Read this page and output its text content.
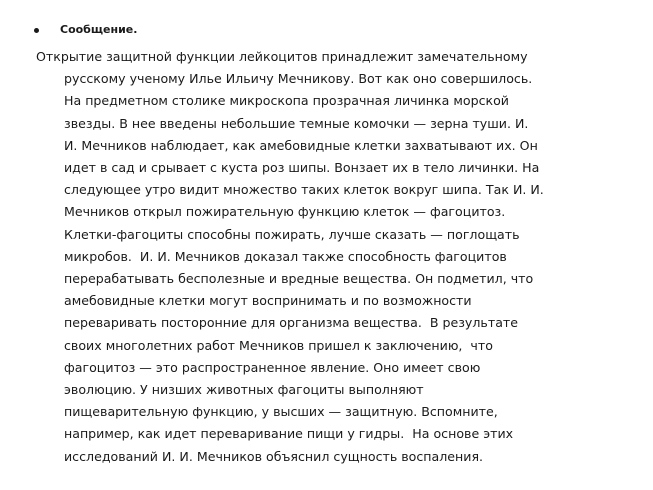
Сообщение.

Открытие защитной функции лейкоцитов принадлежит замечательному
русскому ученому Илье Ильичу Мечникову. Вот как оно совершилось.
На предметном столике микроскопа прозрачная личинка морской
звезды. В нее введены небольшие темные комочки — зерна туши. И.
И. Мечников наблюдает, как амебовидные клетки захватывают их. Он
идет в сад и срывает с куста роз шипы. Вонзает их в тело личинки. На
следующее утро видит множество таких клеток вокруг шипа. Так И. И.
Мечников открыл пожирательную функцию клеток — фагоцитоз.
Клетки-фагоциты способны пожирать, лучше сказать — поглощать
микробов.  И. И. Мечников доказал также способность фагоцитов
перерабатывать бесполезные и вредные вещества. Он подметил, что
амебовидные клетки могут воспринимать и по возможности
переваривать посторонние для организма вещества.  В результате
своих многолетних работ Мечников пришел к заключению,  что
фагоцитоз — это распространенное явление. Оно имеет свою
эволюцию. У низших животных фагоциты выполняют
пищеварительную функцию, у высших — защитную. Вспомните,
например, как идет переваривание пищи у гидры.  На основе этих
исследований И. И. Мечников объяснил сущность воспаления.
